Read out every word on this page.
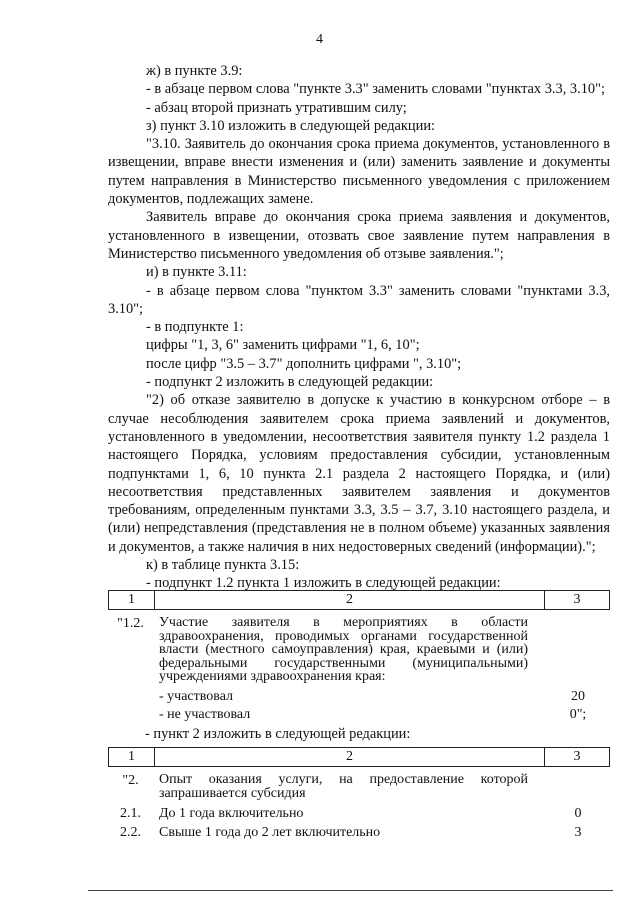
4

ж) в пункте 3.9:

- в абзаце первом слова "пункте 3.3" заменить словами "пунктах 3.3, 3.10";

- абзац второй признать утратившим силу;

з) пункт 3.10 изложить в следующей редакции:

"3.10. Заявитель до окончания срока приема документов, установленного в извещении, вправе внести изменения и (или) заменить заявление и документы путем направления в Министерство письменного уведомления с приложением документов, подлежащих замене.

Заявитель вправе до окончания срока приема заявления и документов, установленного в извещении, отозвать свое заявление путем направления в Министерство письменного уведомления об отзыве заявления.";

и) в пункте 3.11:

- в абзаце первом слова "пунктом 3.3" заменить словами "пунктами 3.3, 3.10";

- в подпункте 1:

цифры "1, 3, 6" заменить цифрами "1, 6, 10";

после цифр "3.5 – 3.7" дополнить цифрами ", 3.10";

- подпункт 2 изложить в следующей редакции:

"2) об отказе заявителю в допуске к участию в конкурсном отборе – в случае несоблюдения заявителем срока приема заявлений и документов, установленного в уведомлении, несоответствия заявителя пункту 1.2 раздела 1 настоящего Порядка, условиям предоставления субсидии, установленным подпунктами 1, 6, 10 пункта 2.1 раздела 2 настоящего Порядка, и (или) несоответствия представленных заявителем заявления и документов требованиям, определенным пунктами 3.3, 3.5 – 3.7, 3.10 настоящего раздела, и (или) непредставления (представления не в полном объеме) указанных заявления и документов, а также наличия в них недостоверных сведений (информации).";

к) в таблице пункта 3.15:

- подпункт 1.2 пункта 1 изложить в следующей редакции:

1	2	3
"1.2.	Участие заявителя в мероприятиях в области здравоохранения, проводимых органами государственной власти (местного самоуправления) края, краевыми и (или) федеральными государственными (муниципальными) учреждениями здравоохранения края:
- участвовал	20
- не участвовал	0";
- пункт 2 изложить в следующей редакции:
1	2	3
"2.	Опыт оказания услуги, на предоставление которой запрашивается субсидия
2.1.	До 1 года включительно	0
2.2.	Свыше 1 года до 2 лет включительно	3
